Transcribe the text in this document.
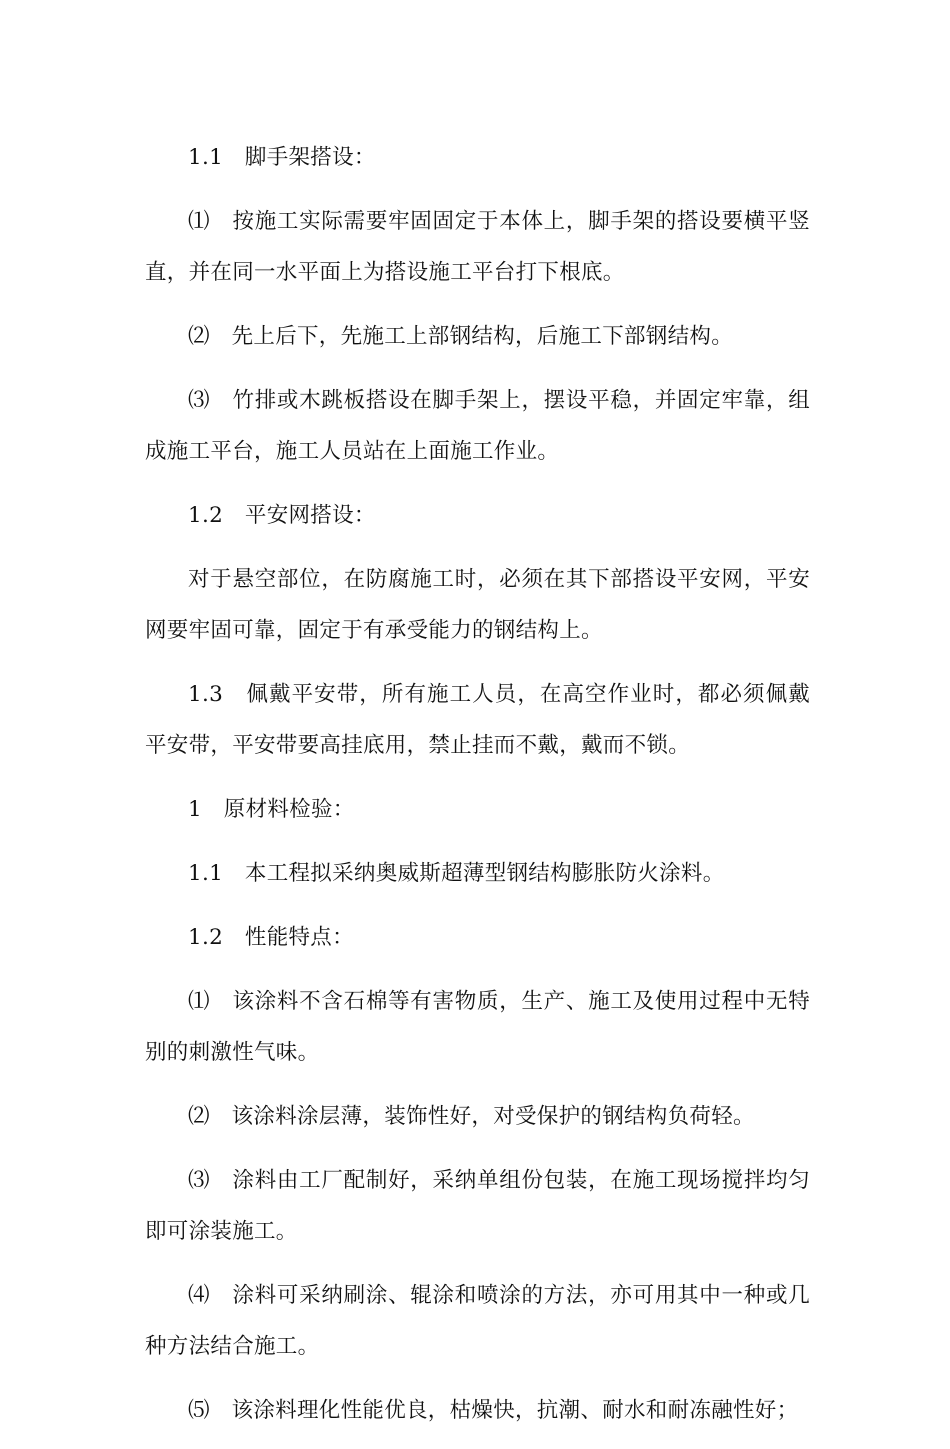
1.1　脚手架搭设：

⑴　按施工实际需要牢固固定于本体上，脚手架的搭设要横平竖直，并在同一水平面上为搭设施工平台打下根底。

⑵　先上后下，先施工上部钢结构，后施工下部钢结构。

⑶　竹排或木跳板搭设在脚手架上，摆设平稳，并固定牢靠，组成施工平台，施工人员站在上面施工作业。

1.2　平安网搭设：

对于悬空部位，在防腐施工时，必须在其下部搭设平安网，平安网要牢固可靠，固定于有承受能力的钢结构上。

1.3　佩戴平安带，所有施工人员，在高空作业时，都必须佩戴平安带，平安带要高挂底用，禁止挂而不戴，戴而不锁。

1　原材料检验：

1.1　本工程拟采纳奥威斯超薄型钢结构膨胀防火涂料。

1.2　性能特点：

⑴　该涂料不含石棉等有害物质，生产、施工及使用过程中无特别的刺激性气味。

⑵　该涂料涂层薄，装饰性好，对受保护的钢结构负荷轻。

⑶　涂料由工厂配制好，采纳单组份包装，在施工现场搅拌均匀即可涂装施工。

⑷　涂料可采纳刷涂、辊涂和喷涂的方法，亦可用其中一种或几种方法结合施工。

⑸　该涂料理化性能优良，枯燥快，抗潮、耐水和耐冻融性好；
